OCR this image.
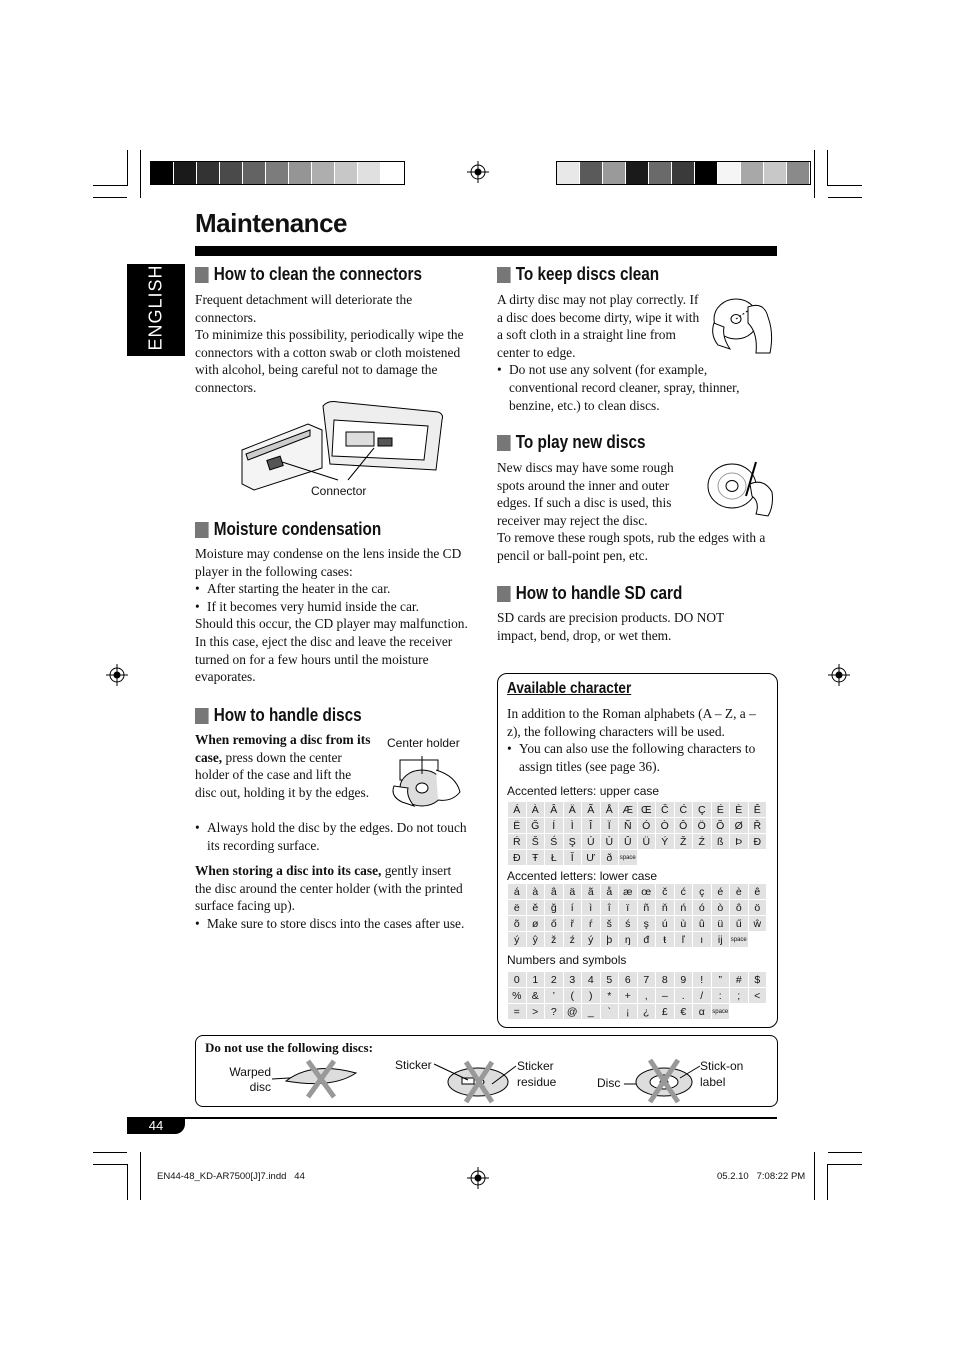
Maintenance
ENGLISH	How to clean the connectors

Frequent detachment will deteriorate the connectors.

To minimize this possibility, periodically wipe the connectors with a cotton swab or cloth moistened with alcohol, being careful not to damage the connectors.

Connector
Moisture condensation

Moisture may condense on the lens inside the CD player in the following cases:

• After starting the heater in the car.

• If it becomes very humid inside the car.

Should this occur, the CD player may malfunction. In this case, eject the disc and leave the receiver turned on for a few hours until the moisture evaporates.

How to handle discs

When removing a disc from its case, press down the center holder of the case and lift the disc out, holding it by the edges.

Center holder

• Always hold the disc by the edges. Do not touch its recording surface.

When storing a disc into its case, gently insert the disc around the center holder (with the printed surface facing up).

• Make sure to store discs into the cases after use.

To keep discs clean

A dirty disc may not play correctly. If a disc does become dirty, wipe it with a soft cloth in a straight line from center to edge.

• Do not use any solvent (for example, conventional record cleaner, spray, thinner, benzine, etc.) to clean discs.

To play new discs

New discs may have some rough spots around the inner and outer edges. If such a disc is used, this receiver may reject the disc.

To remove these rough spots, rub the edges with a pencil or ball-point pen, etc.

How to handle SD card

SD cards are precision products. DO NOT impact, bend, drop, or wet them.

Available character

In addition to the Roman alphabets (A – Z, a – z), the following characters will be used.

• You can also use the following characters to assign titles (see page 36).

Accented letters: upper case
Á	À	Â	Ä	Ã	Å Æ Œ Č	Ć	Ç	É	È	Ê
Ë	Ğ	Í	Ì	Î	Ï	Ñ	Ó Ò Ô Ö Õ Ø	Ř
Ŕ	Š	Ś	Ş	Ú	Ù	Û	Ü	Ý	Ž	Ź	ß	Þ	Đ
Ð	Ŧ	Ł	Ĭ	Ư	ð	space
Accented letters: lower case
á	à	â	ä	ã	å	æ œ	č	ć	ç	é	è	ê
ë	ě	ğ	í	ì	î	ï	ñ	ň	ń	ó	ò	ô	ö
õ	ø	ő	ř	ŕ	š	ś	ş	ú	ù	û	ü	ű	ŵ
ý	ŷ	ž	ź	ý	þ	ŋ	đ	ŧ	ľ	ı	ij	space
Numbers and symbols
0	1	2	3	4	5	6	7	8	9	!	”	#	$
% &	’	(	)	*	+	,	–	.	/	:	;	<
=	>	? @ _	`	¡	¿	£	€	α	space
Do not use the following discs:
Warped disc
Sticker	Sticker residue	Disc
Stick-on label
44
EN44-48_KD-AR7500[J]7.indd   44	05.2.10   7:08:22 PM
